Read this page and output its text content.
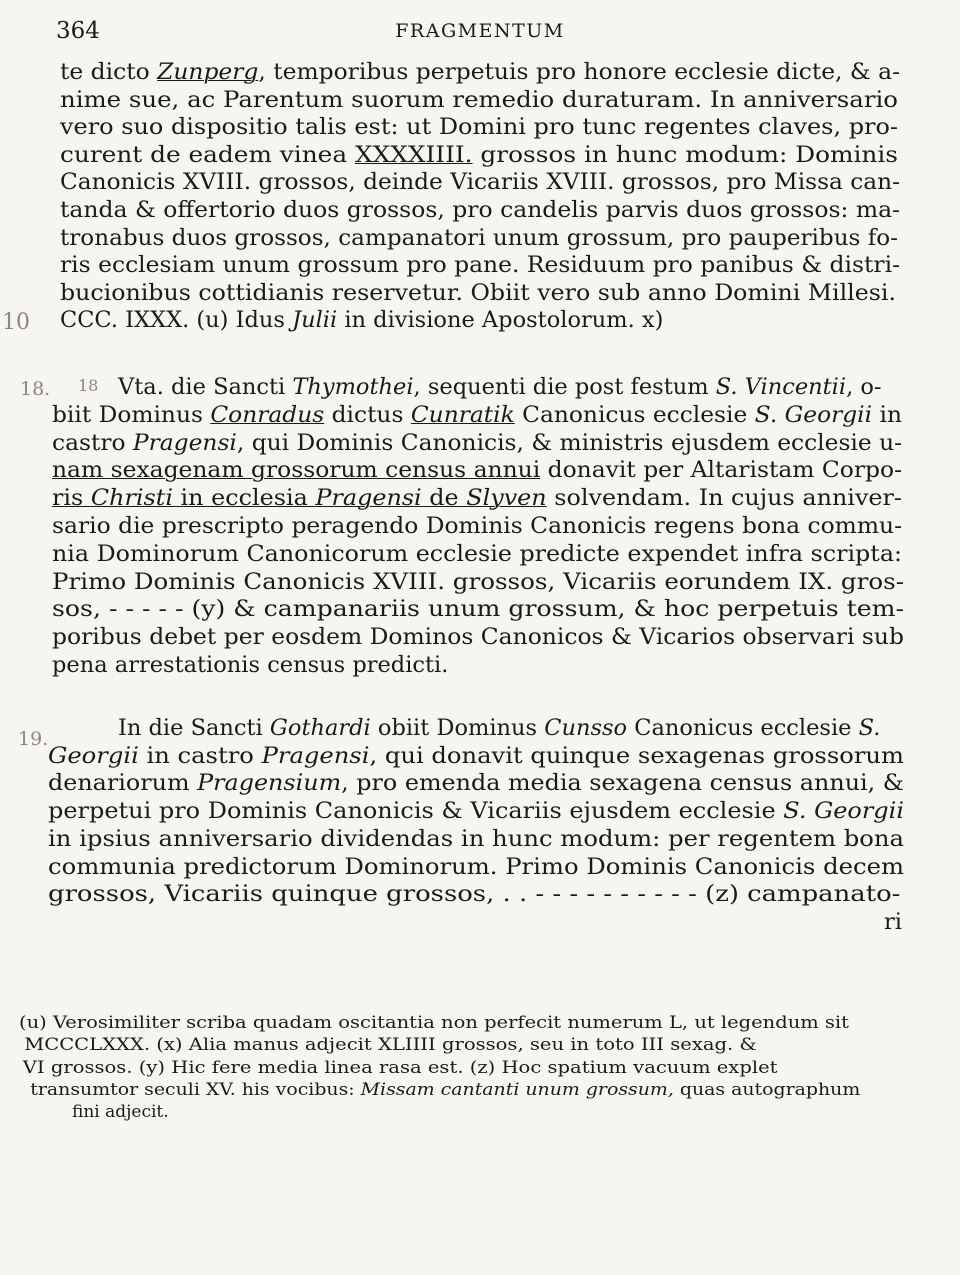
364	FRAGMENTUM
10
18. 18
19.
te dicto Zunperg, temporibus perpetuis pro honore ecclesie dicte, & a-
nime sue, ac Parentum suorum remedio duraturam. In anniversario
vero suo dispositio talis est: ut Domini pro tunc regentes claves, pro-
curent de eadem vinea XXXXIIII. grossos in hunc modum: Dominis
Canonicis XVIII. grossos, deinde Vicariis XVIII. grossos, pro Missa can-
tanda & offertorio duos grossos, pro candelis parvis duos grossos: ma-
tronabus duos grossos, campanatori unum grossum, pro pauperibus fo-
ris ecclesiam unum grossum pro pane. Residuum pro panibus & distri-
bucionibus cottidianis reservetur. Obiit vero sub anno Domini Millesi.
CCC. IXXX. (u) Idus Julii in divisione Apostolorum. x)
Vta. die Sancti Thymothei, sequenti die post festum S. Vincentii, o-
biit Dominus Conradus dictus Cunratik Canonicus ecclesie S. Georgii in
castro Pragensi, qui Dominis Canonicis, & ministris ejusdem ecclesie u-
nam sexagenam grossorum census annui donavit per Altaristam Corpo-
ris Christi in ecclesia Pragensi de Slyven solvendam. In cujus anniver-
sario die prescripto peragendo Dominis Canonicis regens bona commu-
nia Dominorum Canonicorum ecclesie predicte expendet infra scripta:
Primo Dominis Canonicis XVIII. grossos, Vicariis eorundem IX. gros-
sos, - - - - - (y) & campanariis unum grossum, & hoc perpetuis tem-
poribus debet per eosdem Dominos Canonicos & Vicarios observari sub
pena arrestationis census predicti.
In die Sancti Gothardi obiit Dominus Cunsso Canonicus ecclesie S.
Georgii in castro Pragensi, qui donavit quinque sexagenas grossorum
denariorum Pragensium, pro emenda media sexagena census annui, &
perpetui pro Dominis Canonicis & Vicariis ejusdem ecclesie S. Georgii
in ipsius anniversario dividendas in hunc modum: per regentem bona
communia predictorum Dominorum. Primo Dominis Canonicis decem
grossos, Vicariis quinque grossos, . . - - - - - - - - - - (z) campanato-
ri
(u) Verosimiliter scriba quadam oscitantia non perfecit numerum L, ut legendum sit
MCCCLXXX. (x) Alia manus adjecit XLIIII grossos, seu in toto III sexag. &
VI grossos. (y) Hic fere media linea rasa est. (z) Hoc spatium vacuum explet
transumtor seculi XV. his vocibus: Missam cantanti unum grossum, quas autographum
fini adjecit.
